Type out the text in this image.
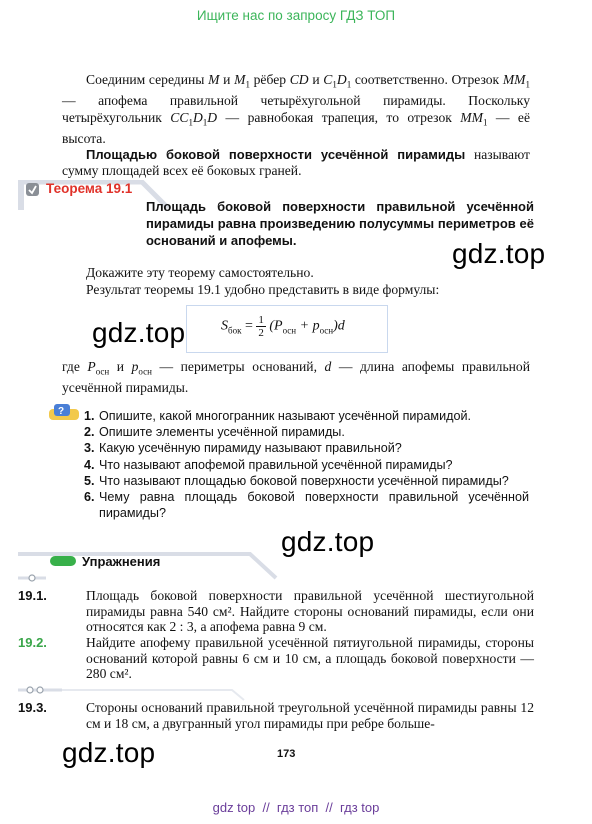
Ищите нас по запросу ГДЗ ТОП

Соединим середины M и $M_1$ рёбер CD и $C_1D_1$ соответственно. Отрезок $MM_1$ — апофема правильной четырёхугольной пирамиды. Поскольку четырёхугольник $CC_1D_1D$ — равнобокая трапеция, то отрезок $MM_1$ — её высота.

Площадью боковой поверхности усечённой пирамиды называют сумму площадей всех её боковых граней.

Теорема 19.1
Площадь боковой поверхности правильной усечённой пирамиды равна произведению полусуммы периметров её оснований и апофемы.
Докажите эту теорему самостоятельно.
Результат теоремы 19.1 удобно представить в виде формулы:
$S_{бок} = \frac{1}{2} (P_{осн} + p_{осн})d$
где $P_{осн}$ и $p_{осн}$ — периметры оснований, d — длина апофемы правильной усечённой пирамиды.
? 1. Опишите, какой многогранник называют усечённой пирамидой.
2. Опишите элементы усечённой пирамиды.
3. Какую усечённую пирамиду называют правильной?
4. Что называют апофемой правильной усечённой пирамиды?
5. Что называют площадью боковой поверхности усечённой пирамиды?
6. Чему равна площадь боковой поверхности правильной усечённой пирамиды?
Упражнения
19.1.	Площадь боковой поверхности правильной усечённой шестиугольной пирамиды равна 540 см². Найдите стороны оснований пирамиды, если они относятся как 2 : 3, а апофема равна 9 см.
19.2.	Найдите апофему правильной усечённой пятиугольной пирамиды, стороны оснований которой равны 6 см и 10 см, а площадь боковой поверхности — 280 см².
19.3.	Стороны оснований правильной треугольной усечённой пирамиды равны 12 см и 18 см, а двугранный угол пирамиды при ребре больше-
gdz.top
gdz.top
gdz.top
gdz.top	173
gdz top  //  гдз топ  //  гдз top
